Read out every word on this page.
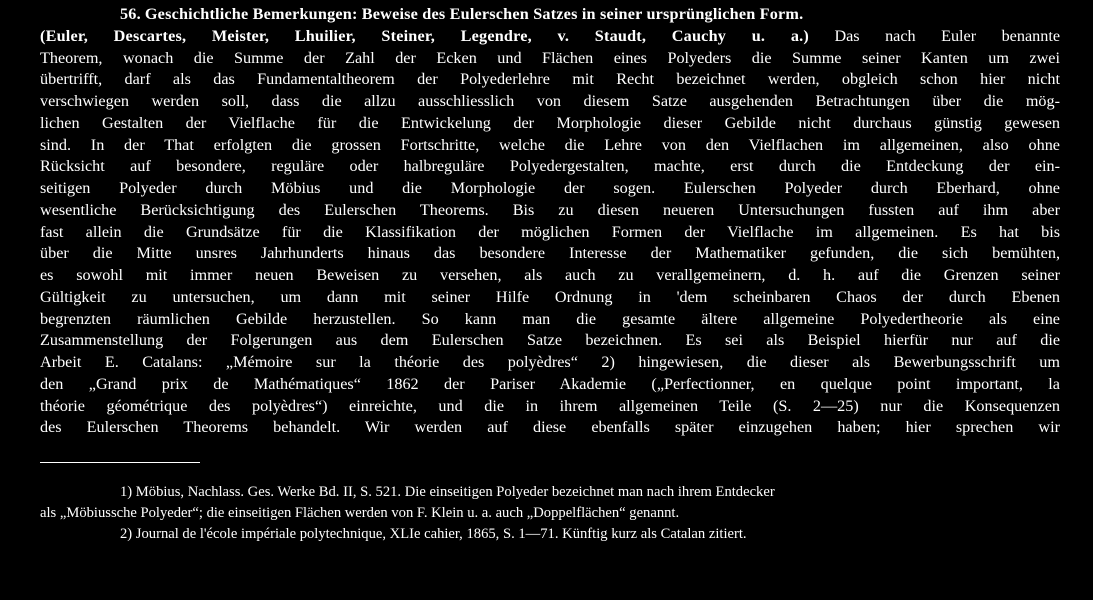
56. Geschichtliche Bemerkungen: Beweise des Eulerschen Satzes in seiner ursprünglichen Form.
(Euler, Descartes, Meister, Lhuilier, Steiner, Legendre, v. Staudt, Cauchy u. a.) Das nach Euler benannte
Theorem, wonach die Summe der Zahl der Ecken und Flächen eines Polyeders die Summe seiner Kanten um zwei
übertrifft, darf als das Fundamentaltheorem der Polyederlehre mit Recht bezeichnet werden, obgleich schon hier nicht
verschwiegen werden soll, dass die allzu ausschliesslich von diesem Satze ausgehenden Betrachtungen über die mög-
lichen Gestalten der Vielflache für die Entwickelung der Morphologie dieser Gebilde nicht durchaus günstig gewesen
sind. In der That erfolgten die grossen Fortschritte, welche die Lehre von den Vielflachen im allgemeinen, also ohne
Rücksicht auf besondere, reguläre oder halbreguläre Polyedergestalten, machte, erst durch die Entdeckung der ein-
seitigen Polyeder durch Möbius und die Morphologie der sogen. Eulerschen Polyeder durch Eberhard, ohne
wesentliche Berücksichtigung des Eulerschen Theorems. Bis zu diesen neueren Untersuchungen fussten auf ihm aber
fast allein die Grundsätze für die Klassifikation der möglichen Formen der Vielflache im allgemeinen. Es hat bis
über die Mitte unsres Jahrhunderts hinaus das besondere Interesse der Mathematiker gefunden, die sich bemühten,
es sowohl mit immer neuen Beweisen zu versehen, als auch zu verallgemeinern, d. h. auf die Grenzen seiner
Gültigkeit zu untersuchen, um dann mit seiner Hilfe Ordnung in 'dem scheinbaren Chaos der durch Ebenen
begrenzten räumlichen Gebilde herzustellen. So kann man die gesamte ältere allgemeine Polyedertheorie als eine
Zusammenstellung der Folgerungen aus dem Eulerschen Satze bezeichnen. Es sei als Beispiel hierfür nur auf die
Arbeit E. Catalans: „Mémoire sur la théorie des polyèdres“ 2) hingewiesen, die dieser als Bewerbungsschrift um
den „Grand prix de Mathématiques“ 1862 der Pariser Akademie („Perfectionner, en quelque point important, la
théorie géométrique des polyèdres“) einreichte, und die in ihrem allgemeinen Teile (S. 2—25) nur die Konsequenzen
des Eulerschen Theorems behandelt. Wir werden auf diese ebenfalls später einzugehen haben; hier sprechen wir
1) Möbius, Nachlass. Ges. Werke Bd. II, S. 521. Die einseitigen Polyeder bezeichnet man nach ihrem Entdecker
als „Möbiussche Polyeder“; die einseitigen Flächen werden von F. Klein u. a. auch „Doppelflächen“ genannt.
2) Journal de l'école impériale polytechnique, XLIe cahier, 1865, S. 1—71. Künftig kurz als Catalan zitiert.
